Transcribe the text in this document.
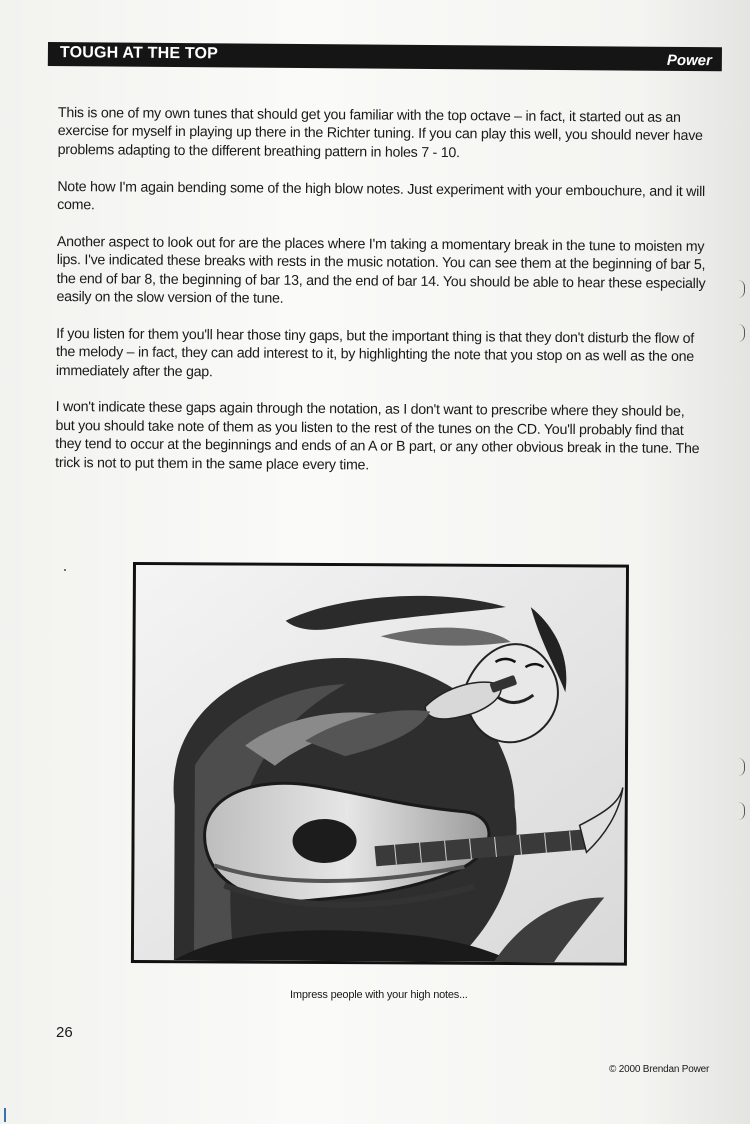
TOUGH AT THE TOP	Power

This is one of my own tunes that should get you familiar with the top octave – in fact, it started out as an exercise for myself in playing up there in the Richter tuning. If you can play this well, you should never have problems adapting to the different breathing pattern in holes 7 - 10.

Note how I'm again bending some of the high blow notes. Just experiment with your embouchure, and it will come.

Another aspect to look out for are the places where I'm taking a momentary break in the tune to moisten my lips. I've indicated these breaks with rests in the music notation. You can see them at the beginning of bar 5, the end of bar 8, the beginning of bar 13, and the end of bar 14. You should be able to hear these especially easily on the slow version of the tune.

If you listen for them you'll hear those tiny gaps, but the important thing is that they don't disturb the flow of the melody – in fact, they can add interest to it, by highlighting the note that you stop on as well as the one immediately after the gap.

I won't indicate these gaps again through the notation, as I don't want to prescribe where they should be, but you should take note of them as you listen to the rest of the tunes on the CD. You'll probably find that they tend to occur at the beginnings and ends of an A or B part, or any other obvious break in the tune. The trick is not to put them in the same place every time.

Impress people with your high notes...
26
© 2000 Brendan Power
